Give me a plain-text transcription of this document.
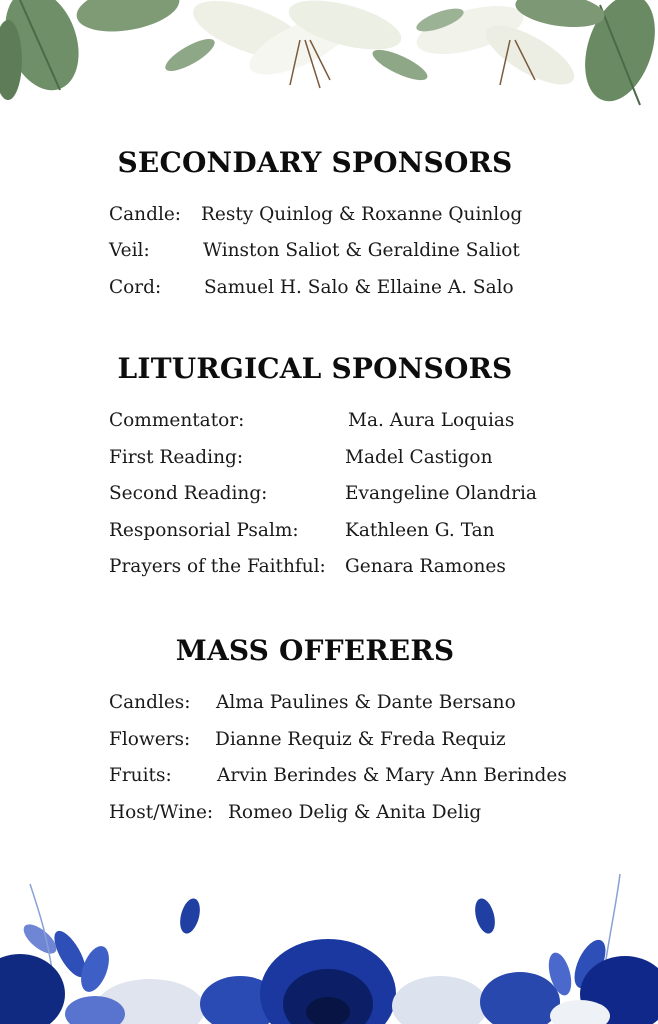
SECONDARY SPONSORS
Candle: Resty Quinlog & Roxanne Quinlog
Veil:	Winston Saliot & Geraldine Saliot
Cord: Samuel H. Salo & Ellaine A. Salo
LITURGICAL SPONSORS
Commentator:	Ma. Aura Loquias
First Reading:	Madel Castigon
Second Reading:	Evangeline Olandria
Responsorial Psalm:	Kathleen G. Tan
Prayers of the Faithful: Genara Ramones
MASS OFFERERS
Candles: Alma Paulines & Dante Bersano
Flowers: Dianne Requiz & Freda Requiz
Fruits: Arvin Berindes & Mary Ann Berindes
Host/Wine: Romeo Delig & Anita Delig
